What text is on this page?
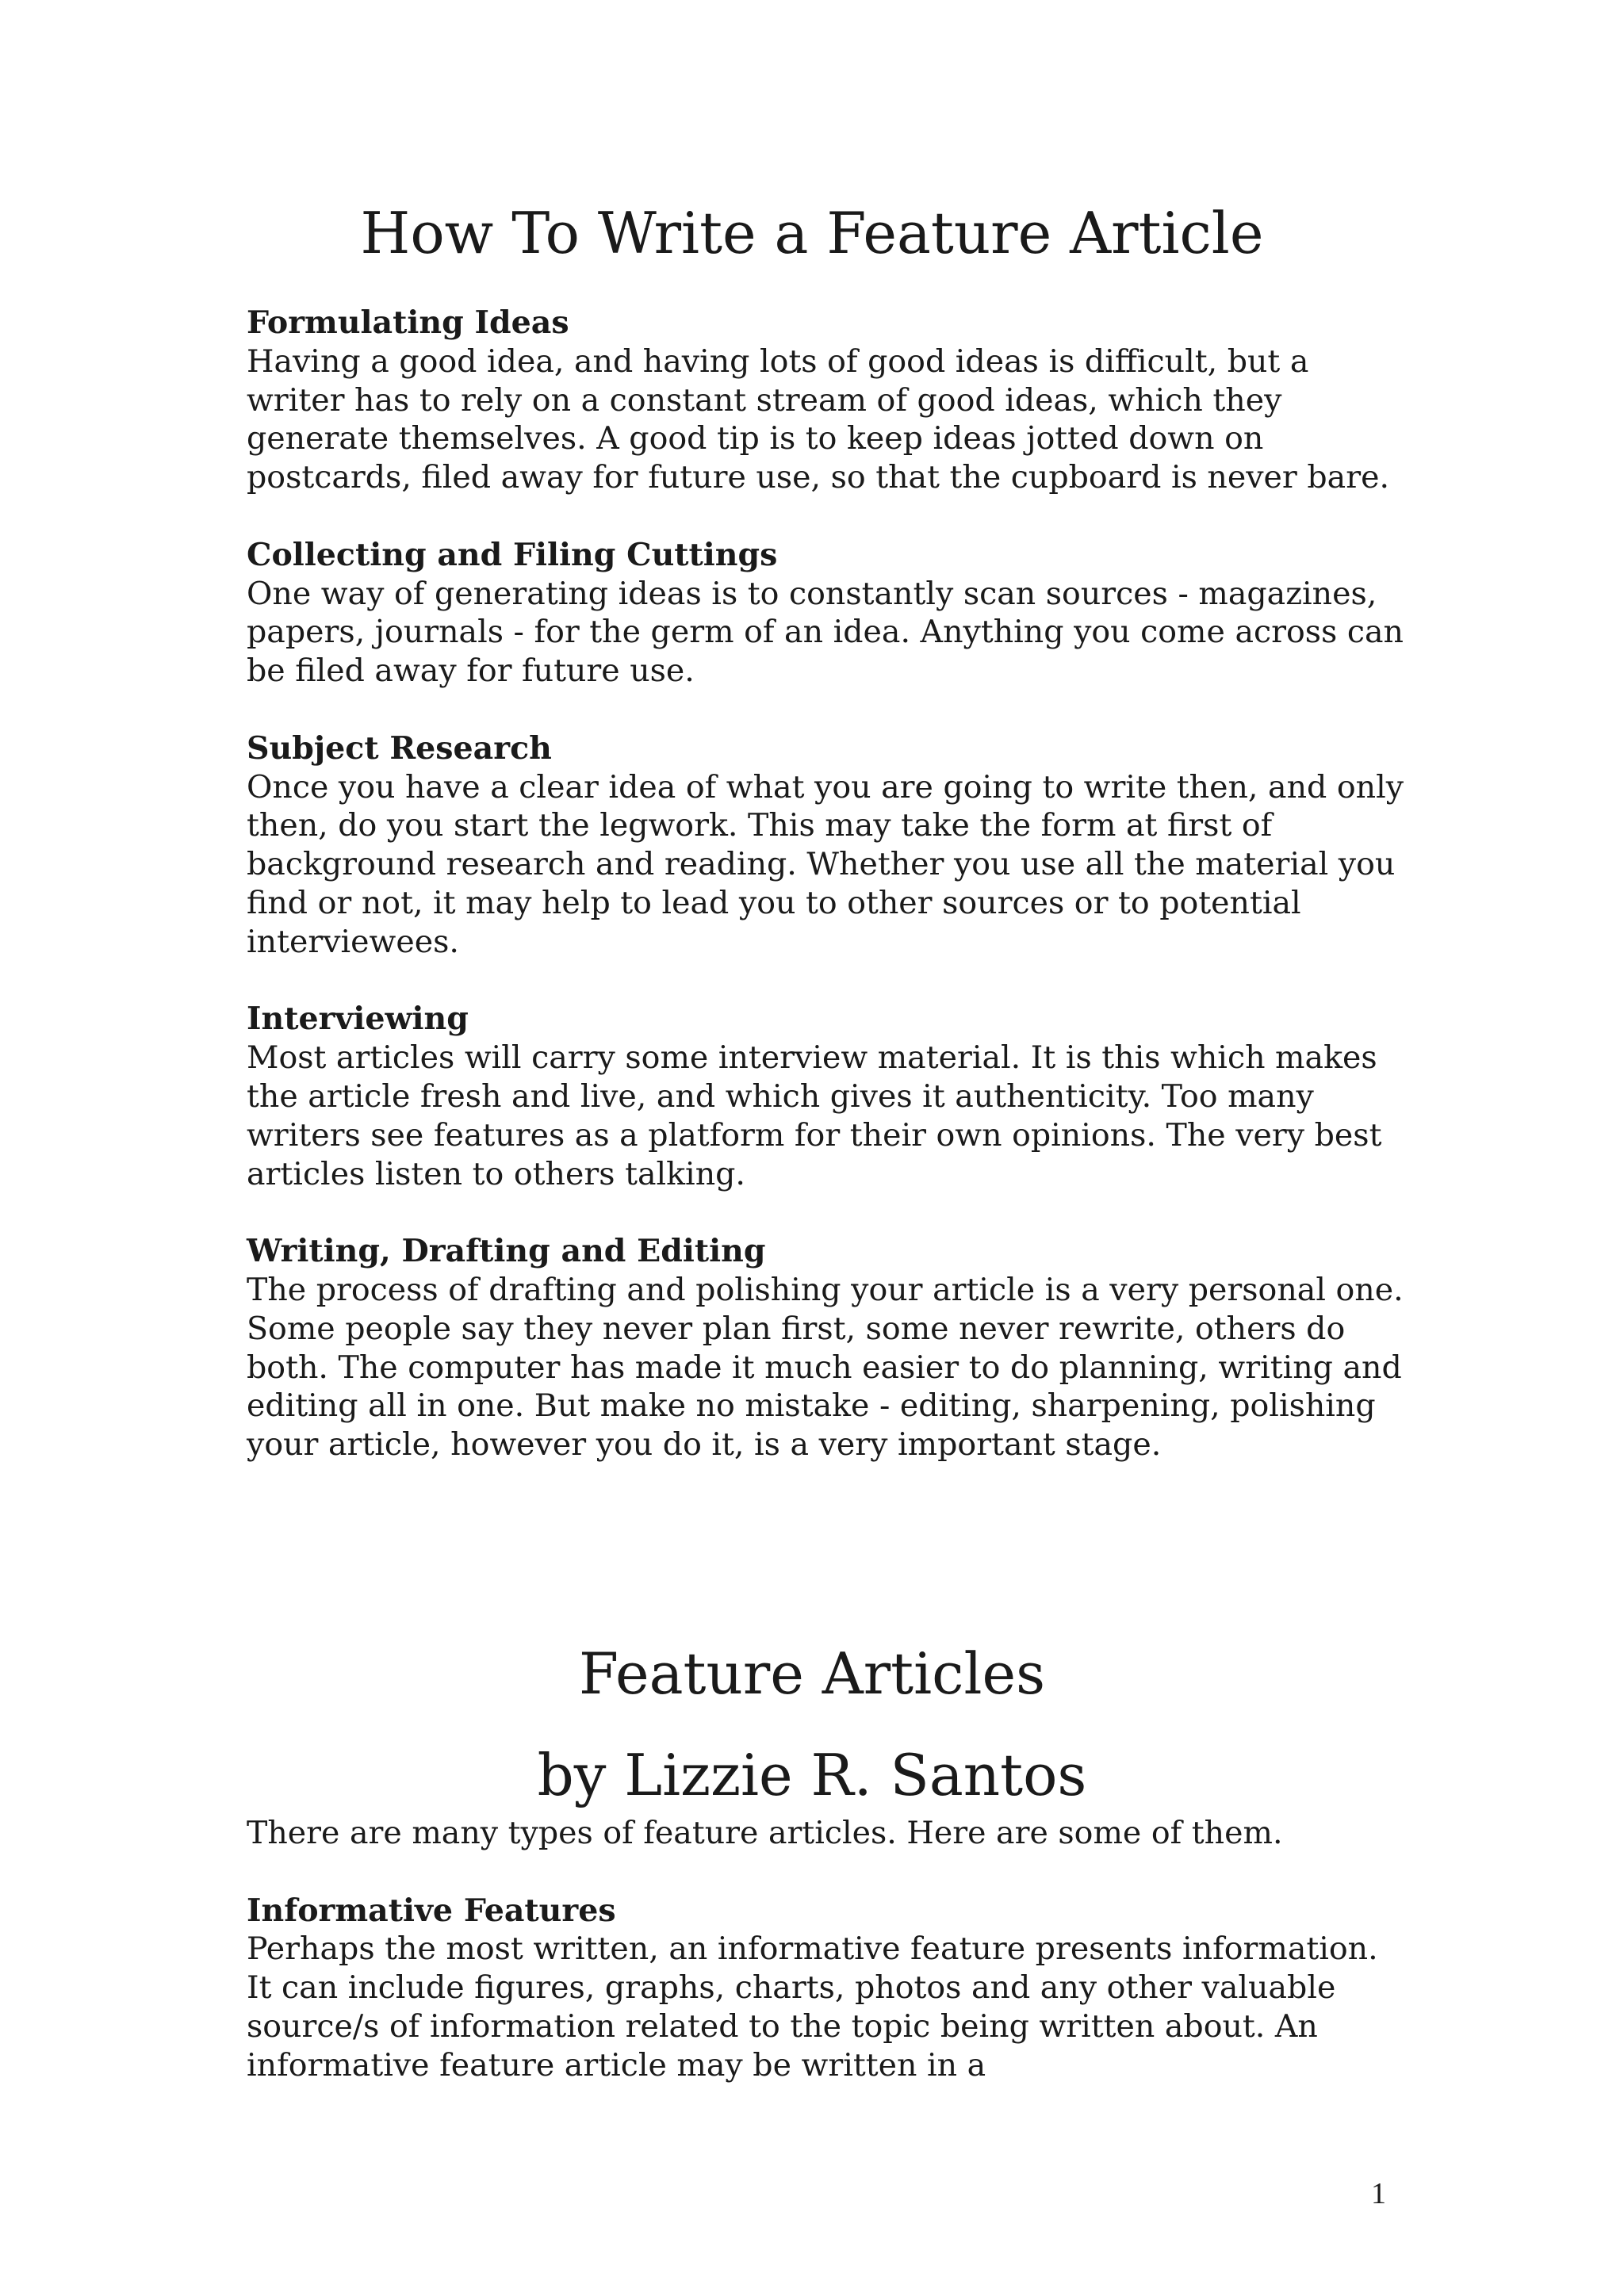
How To Write a Feature Article
Formulating Ideas

Having a good idea, and having lots of good ideas is difficult, but a writer has to rely on a constant stream of good ideas, which they generate themselves. A good tip is to keep ideas jotted down on postcards, filed away for future use, so that the cupboard is never bare.

Collecting and Filing Cuttings

One way of generating ideas is to constantly scan sources - magazines, papers, journals - for the germ of an idea. Anything you come across can be filed away for future use.

Subject Research

Once you have a clear idea of what you are going to write then, and only then, do you start the legwork. This may take the form at first of background research and reading. Whether you use all the material you find or not, it may help to lead you to other sources or to potential interviewees.

Interviewing

Most articles will carry some interview material. It is this which makes the article fresh and live, and which gives it authenticity. Too many writers see features as a platform for their own opinions. The very best articles listen to others talking.

Writing, Drafting and Editing

The process of drafting and polishing your article is a very personal one. Some people say they never plan first, some never rewrite, others do both. The computer has made it much easier to do planning, writing and editing all in one. But make no mistake - editing, sharpening, polishing your article, however you do it, is a very important stage.

Feature Articles
by Lizzie R. Santos

There are many types of feature articles. Here are some of them.

Informative Features

Perhaps the most written, an informative feature presents information. It can include figures, graphs, charts, photos and any other valuable source/s of information related to the topic being written about. An informative feature article may be written in a

1
